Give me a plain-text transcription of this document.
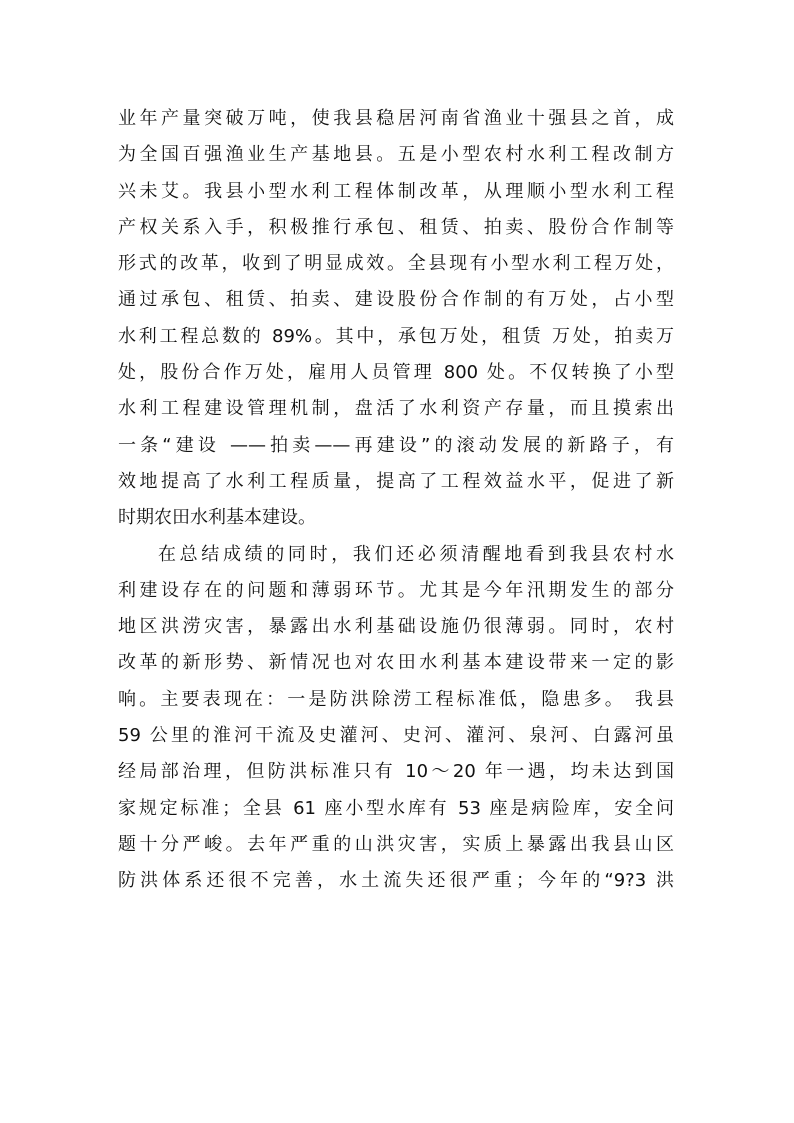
业年产量突破万吨，使我县稳居河南省渔业十强县之首，成
为全国百强渔业生产基地县。五是小型农村水利工程改制方
兴未艾。我县小型水利工程体制改革，从理顺小型水利工程
产权关系入手，积极推行承包、租赁、拍卖、股份合作制等
形式的改革，收到了明显成效。全县现有小型水利工程万处，
通过承包、租赁、拍卖、建设股份合作制的有万处，占小型
水利工程总数的 89%。其中，承包万处，租赁 万处，拍卖万
处，股份合作万处，雇用人员管理 800 处。不仅转换了小型
水利工程建设管理机制，盘活了水利资产存量，而且摸索出
一条“建设 ——拍卖——再建设”的滚动发展的新路子，有
效地提高了水利工程质量，提高了工程效益水平，促进了新
时期农田水利基本建设。
在总结成绩的同时，我们还必须清醒地看到我县农村水
利建设存在的问题和薄弱环节。尤其是今年汛期发生的部分
地区洪涝灾害，暴露出水利基础设施仍很薄弱。同时，农村
改革的新形势、新情况也对农田水利基本建设带来一定的影
响。主要表现在：一是防洪除涝工程标准低，隐患多。 我县
59 公里的淮河干流及史灌河、史河、灌河、泉河、白露河虽
经局部治理，但防洪标准只有 10～20 年一遇，均未达到国
家规定标准；全县 61 座小型水库有 53 座是病险库，安全问
题十分严峻。去年严重的山洪灾害，实质上暴露出我县山区
防洪体系还很不完善，水土流失还很严重；今年的“9?3 洪
